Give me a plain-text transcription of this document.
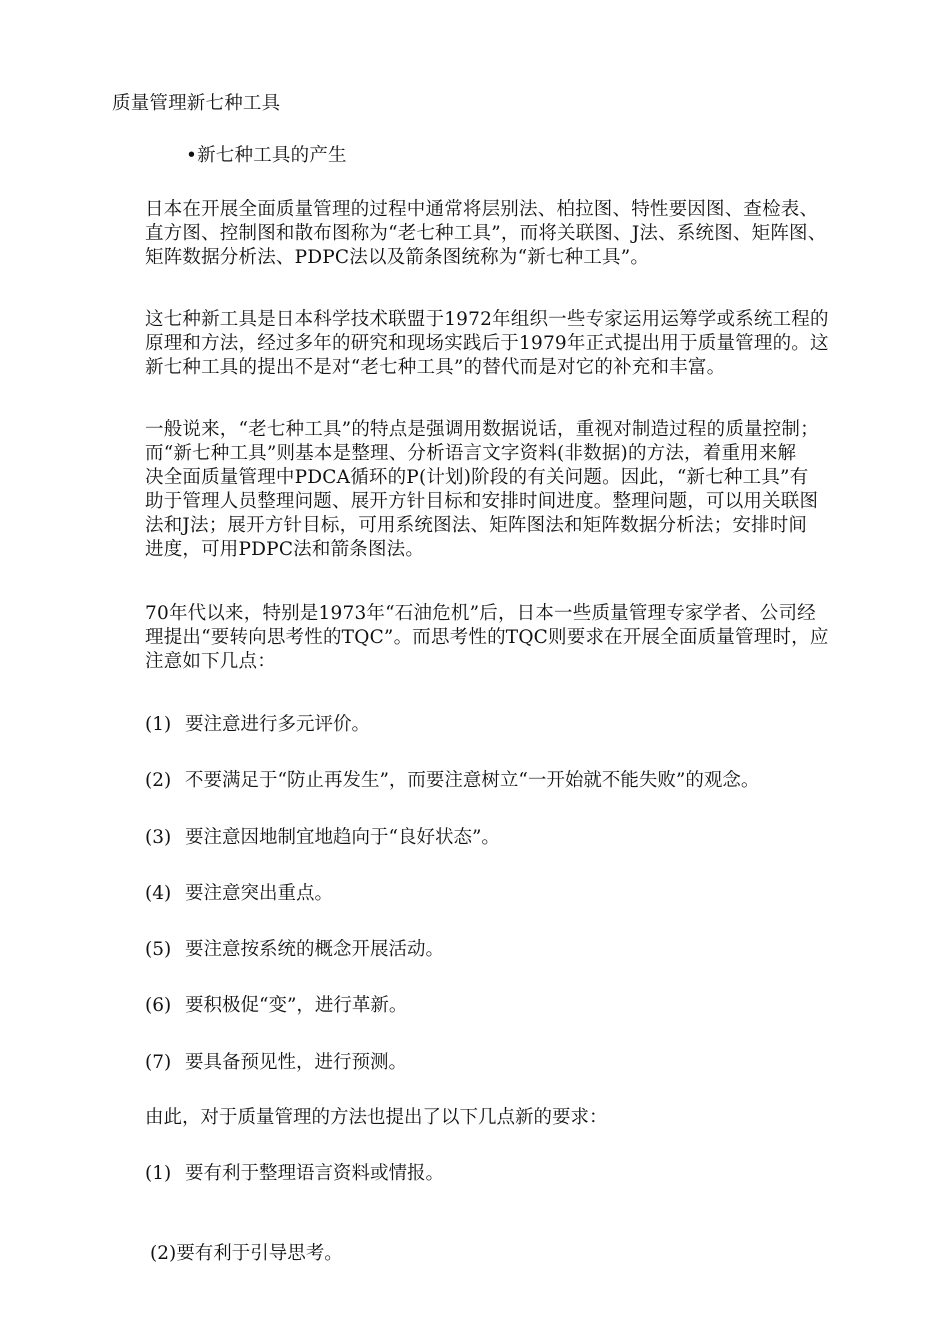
质量管理新七种工具
•新七种工具的产生
日本在开展全面质量管理的过程中通常将层别法、柏拉图、特性要因图、查检表、
直方图、控制图和散布图称为“老七种工具”，而将关联图、J法、系统图、矩阵图、
矩阵数据分析法、PDPC法以及箭条图统称为“新七种工具”。
这七种新工具是日本科学技术联盟于1972年组织一些专家运用运筹学或系统工程的
原理和方法，经过多年的研究和现场实践后于1979年正式提出用于质量管理的。这
新七种工具的提出不是对“老七种工具”的替代而是对它的补充和丰富。
一般说来，“老七种工具”的特点是强调用数据说话，重视对制造过程的质量控制；
而“新七种工具”则基本是整理、分析语言文字资料(非数据)的方法，着重用来解
决全面质量管理中PDCA循环的P(计划)阶段的有关问题。因此，“新七种工具”有
助于管理人员整理问题、展开方针目标和安排时间进度。整理问题，可以用关联图
法和J法；展开方针目标，可用系统图法、矩阵图法和矩阵数据分析法；安排时间
进度，可用PDPC法和箭条图法。
70年代以来，特别是1973年“石油危机”后，日本一些质量管理专家学者、公司经
理提出“要转向思考性的TQC”。而思考性的TQC则要求在开展全面质量管理时，应
注意如下几点：
(1) 要注意进行多元评价。
(2) 不要满足于“防止再发生”，而要注意树立“一开始就不能失败”的观念。
(3) 要注意因地制宜地趋向于“良好状态”。
(4) 要注意突出重点。
(5) 要注意按系统的概念开展活动。
(6) 要积极促“变”，进行革新。
(7) 要具备预见性，进行预测。
由此，对于质量管理的方法也提出了以下几点新的要求：
(1) 要有利于整理语言资料或情报。
(2)要有利于引导思考。
